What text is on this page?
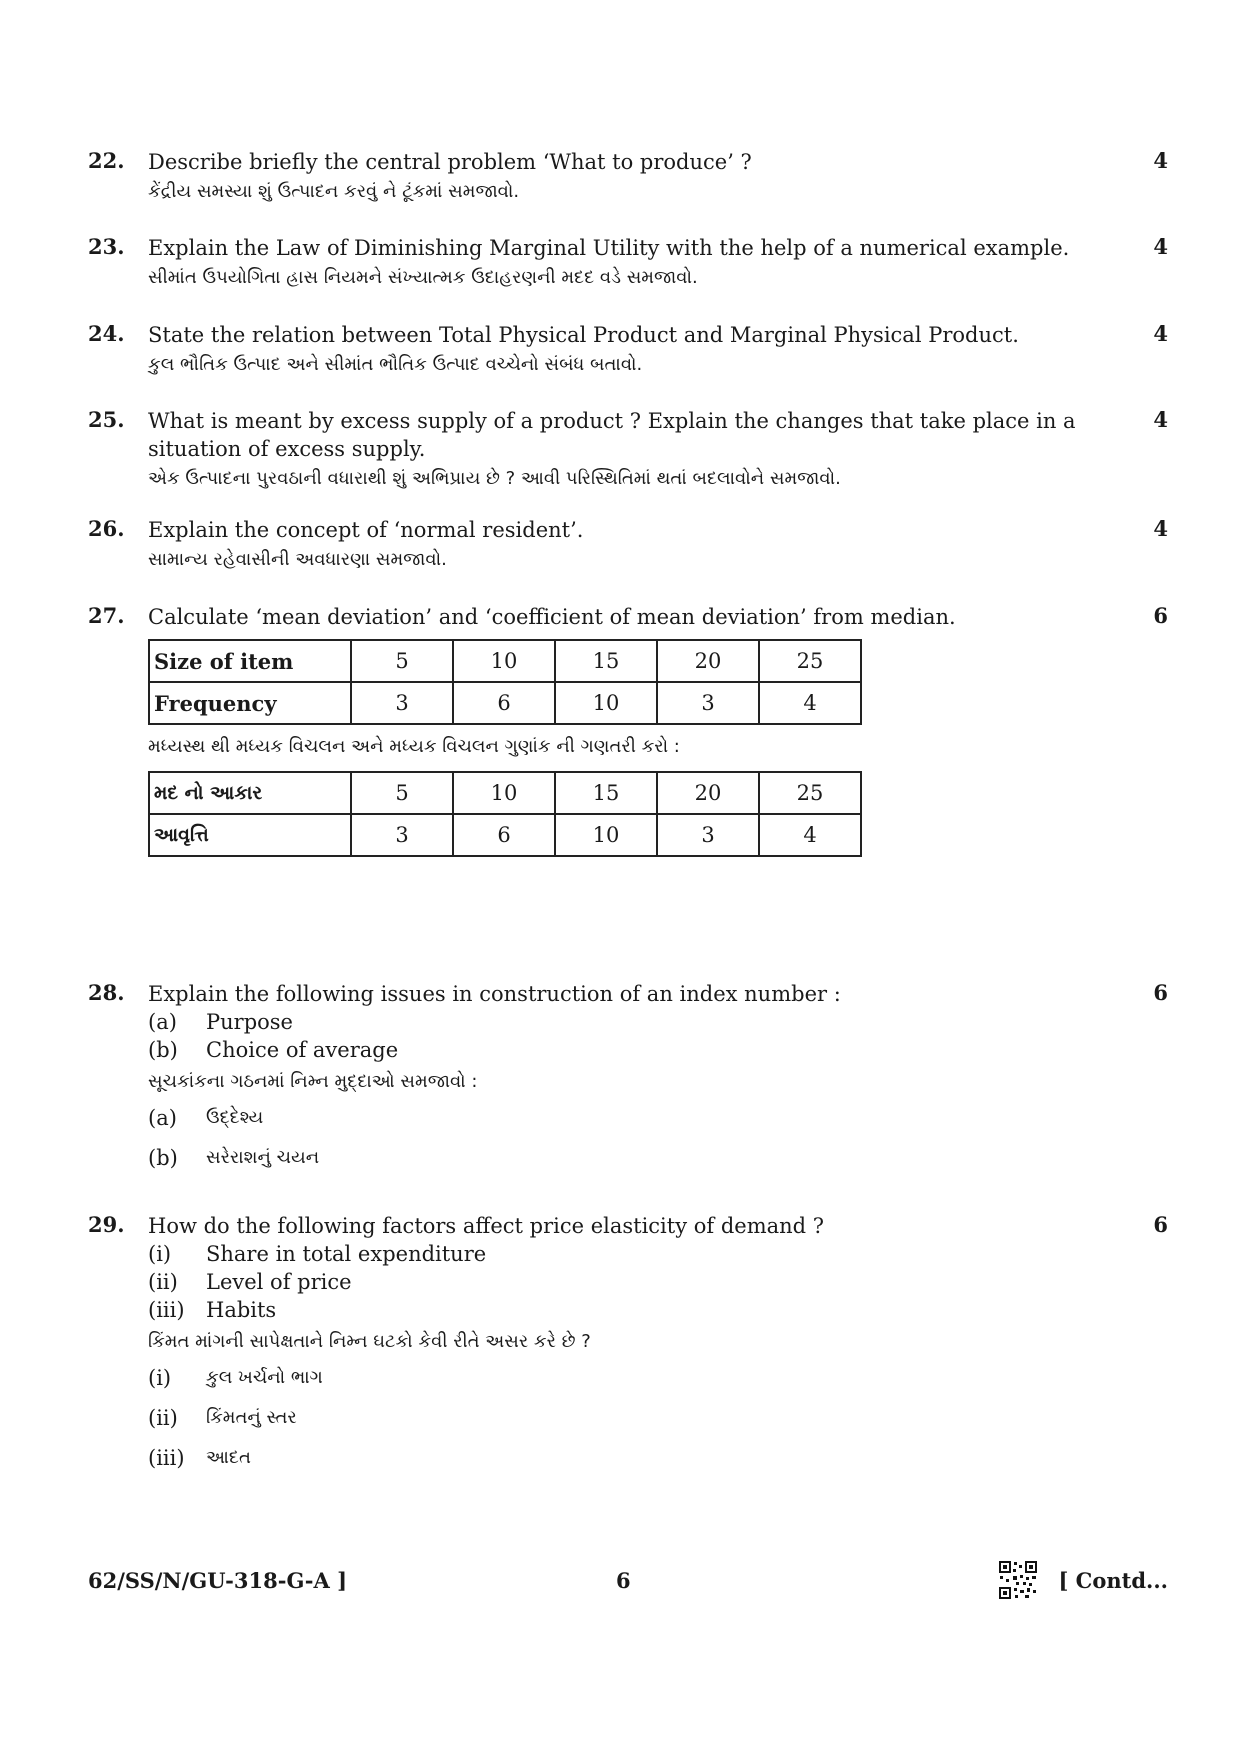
22.	4
Describe briefly the central problem ‘What to produce’ ?
કેંદ્રીય સમસ્યા શું ઉત્પાદન કરવું ને ટૂંકમાં સમજાવો.
23.	4
Explain the Law of Diminishing Marginal Utility with the help of a numerical example.
સીમાંત ઉપયોગિતા હ્રાસ નિયમને સંખ્યાત્મક ઉદાહરણની મદદ વડે સમજાવો.
24.	4
State the relation between Total Physical Product and Marginal Physical Product.
કુલ ભૌતિક ઉત્પાદ અને સીમાંત ભૌતિક ઉત્પાદ વચ્ચેનો સંબંધ બતાવો.
25.	4
What is meant by excess supply of a product ? Explain the changes that take place in a situation of excess supply.
એક ઉત્પાદના પુરવઠાની વધારાથી શું અભિપ્રાય છે ? આવી પરિસ્થિતિમાં થતાં બદલાવોને સમજાવો.
26.	4
Explain the concept of ‘normal resident’.
સામાન્ય રહેવાસીની અવધારણા સમજાવો.
27.	6
Calculate ‘mean deviation’ and ‘coefficient of mean deviation’ from median.
Size of item	5	10	15	20	25
Frequency	3	6	10	3	4
મધ્યસ્થ થી મધ્યક વિચલન અને મધ્યક વિચલન ગુણાંક ની ગણતરી કરો :
મદ નો આકાર	5	10	15	20	25
આવૃત્તિ	3	6	10	3	4
28.	6
Explain the following issues in construction of an index number :
(a)	Purpose
(b)	Choice of average
સૂચકાંકના ગઠનમાં નિમ્ન મુદ્દાઓ સમજાવો :
(a)	ઉદ્દેશ્ય
(b)	સરેરાશનું ચયન
29.	6
How do the following factors affect price elasticity of demand ?
(i)	Share in total expenditure
(ii)	Level of price
(iii)	Habits
કિંમત માંગની સાપેક્ષતાને નિમ્ન ઘટકો કેવી રીતે અસર કરે છે ?
(i)	કુલ ખર્ચનો ભાગ
(ii)	કિંમતનું સ્તર
(iii)	આદત
62/SS/N/GU-318-G-A ]	6	[ Contd...
